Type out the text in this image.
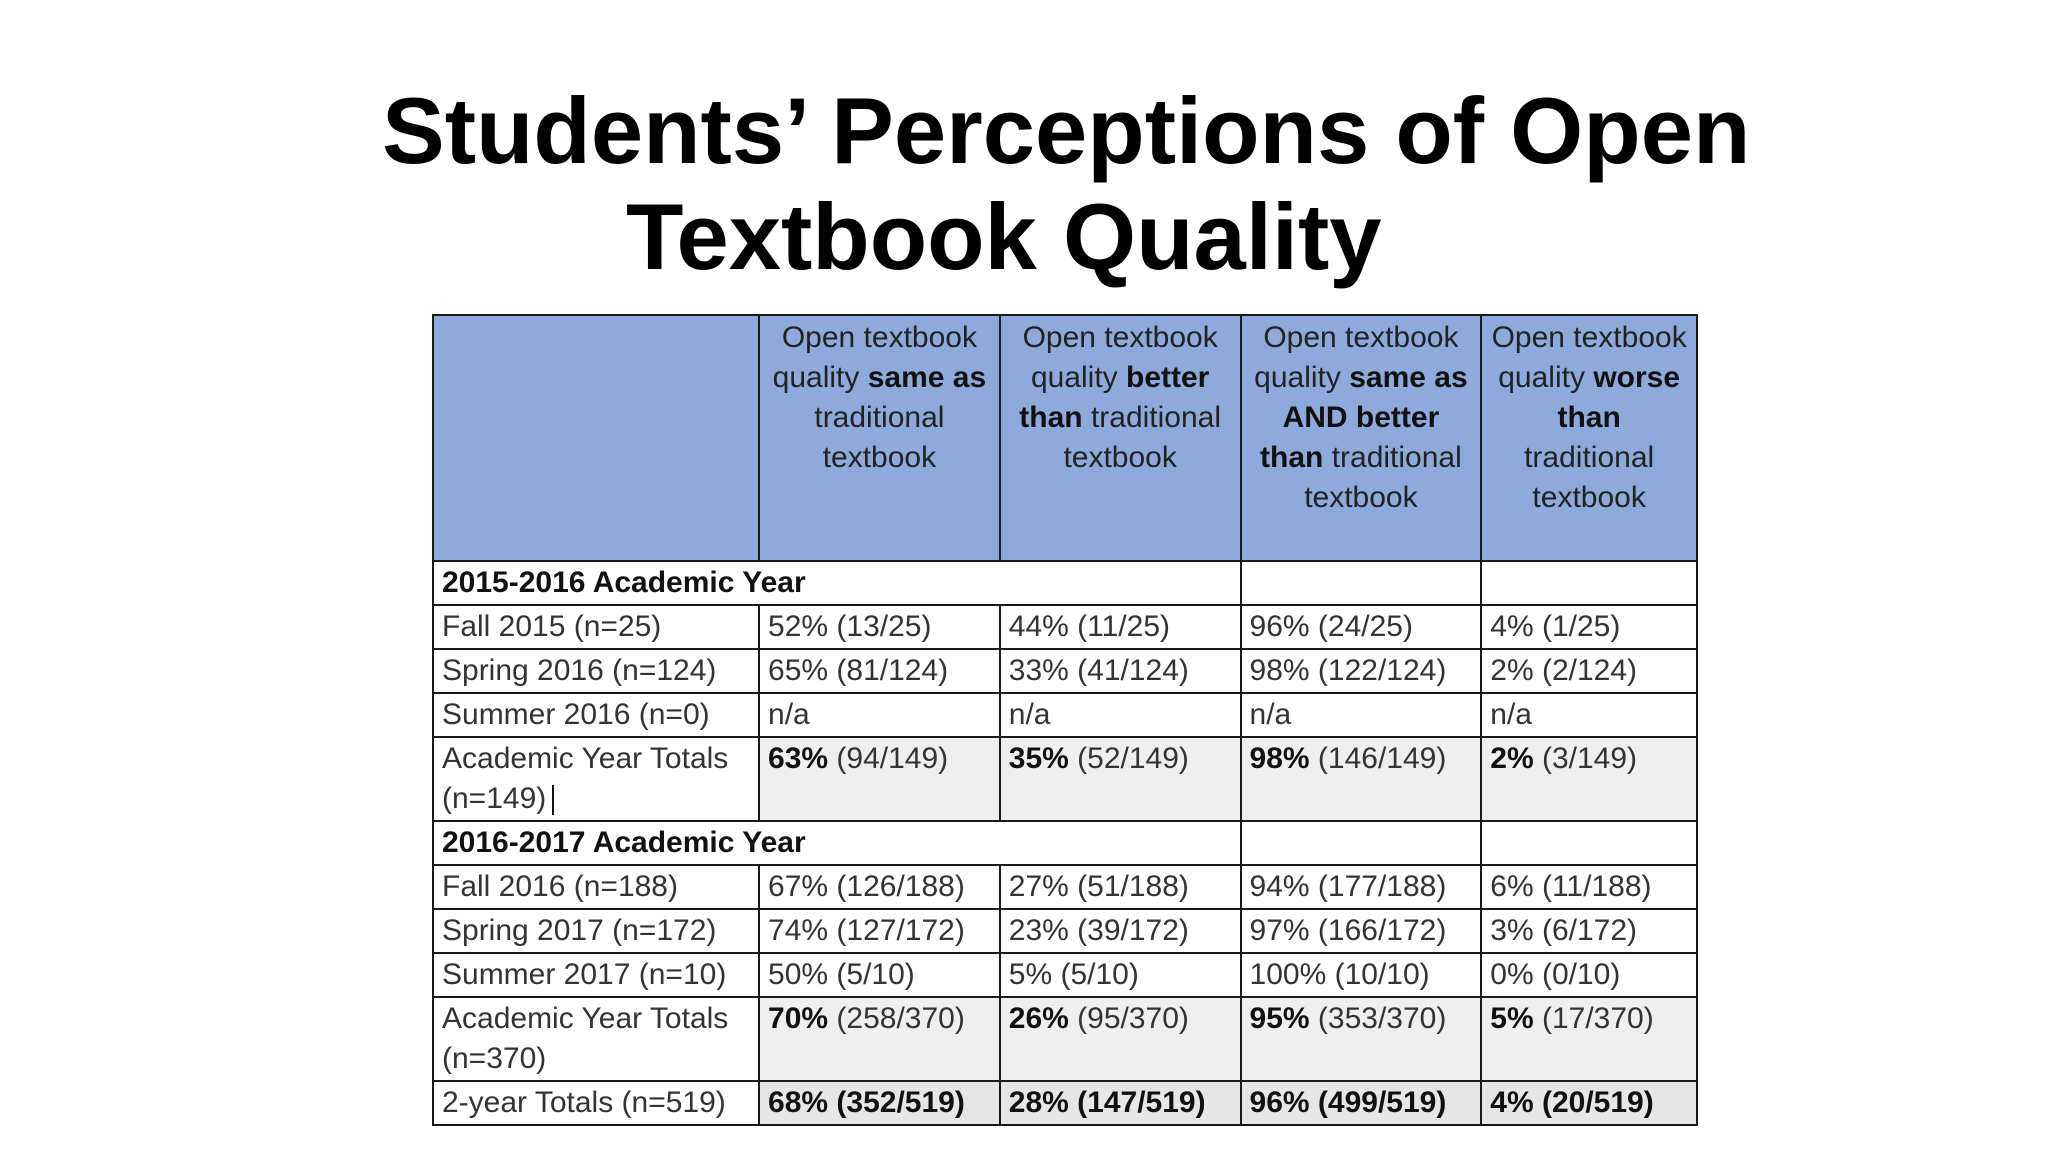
Students’ Perceptions of Open
Textbook Quality
	Open textbook quality same as traditional textbook	Open textbook quality better than traditional textbook	Open textbook quality same as AND better than traditional textbook	Open textbook quality worse than traditional textbook
2015-2016 Academic Year				
Fall 2015 (n=25)	52% (13/25)	44% (11/25)	96% (24/25)	4% (1/25)
Spring 2016 (n=124)	65% (81/124)	33% (41/124)	98% (122/124)	2% (2/124)
Summer 2016 (n=0)	n/a	n/a	n/a	n/a
Academic Year Totals (n=149)	63% (94/149)	35% (52/149)	98% (146/149)	2% (3/149)
2016-2017 Academic Year				
Fall 2016 (n=188)	67% (126/188)	27% (51/188)	94% (177/188)	6% (11/188)
Spring 2017 (n=172)	74% (127/172)	23% (39/172)	97% (166/172)	3% (6/172)
Summer 2017 (n=10)	50% (5/10)	5% (5/10)	100% (10/10)	0% (0/10)
Academic Year Totals (n=370)	70% (258/370)	26% (95/370)	95% (353/370)	5% (17/370)
2-year Totals (n=519)	68% (352/519)	28% (147/519)	96% (499/519)	4% (20/519)
